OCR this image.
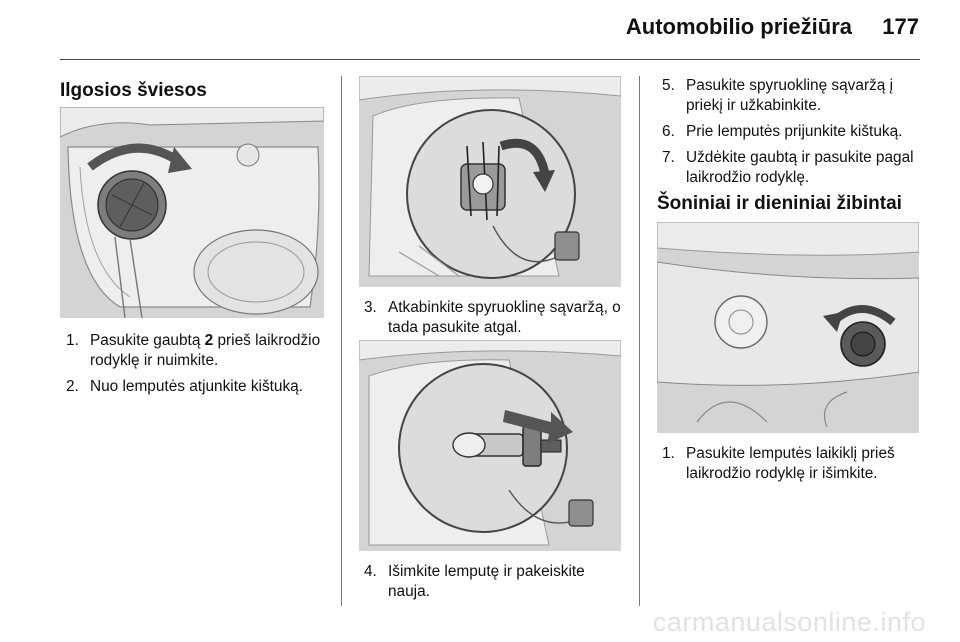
Automobilio priežiūra 177
Ilgosios šviesos
1. Pasukite gaubtą 2 prieš laikrodžio rodyklę ir nuimkite.
2. Nuo lemputės atjunkite kištuką.
3. Atkabinkite spyruoklinę sąvaržą, o tada pasukite atgal.
4. Išimkite lemputę ir pakeiskite nauja.
5. Pasukite spyruoklinę sąvaržą į priekį ir užkabinkite.
6. Prie lemputės prijunkite kištuką.
7. Uždėkite gaubtą ir pasukite pagal laikrodžio rodyklę.
Šoniniai ir dieniniai žibintai
1. Pasukite lemputės laikiklį prieš laikrodžio rodyklę ir išimkite.
carmanualsonline.info
